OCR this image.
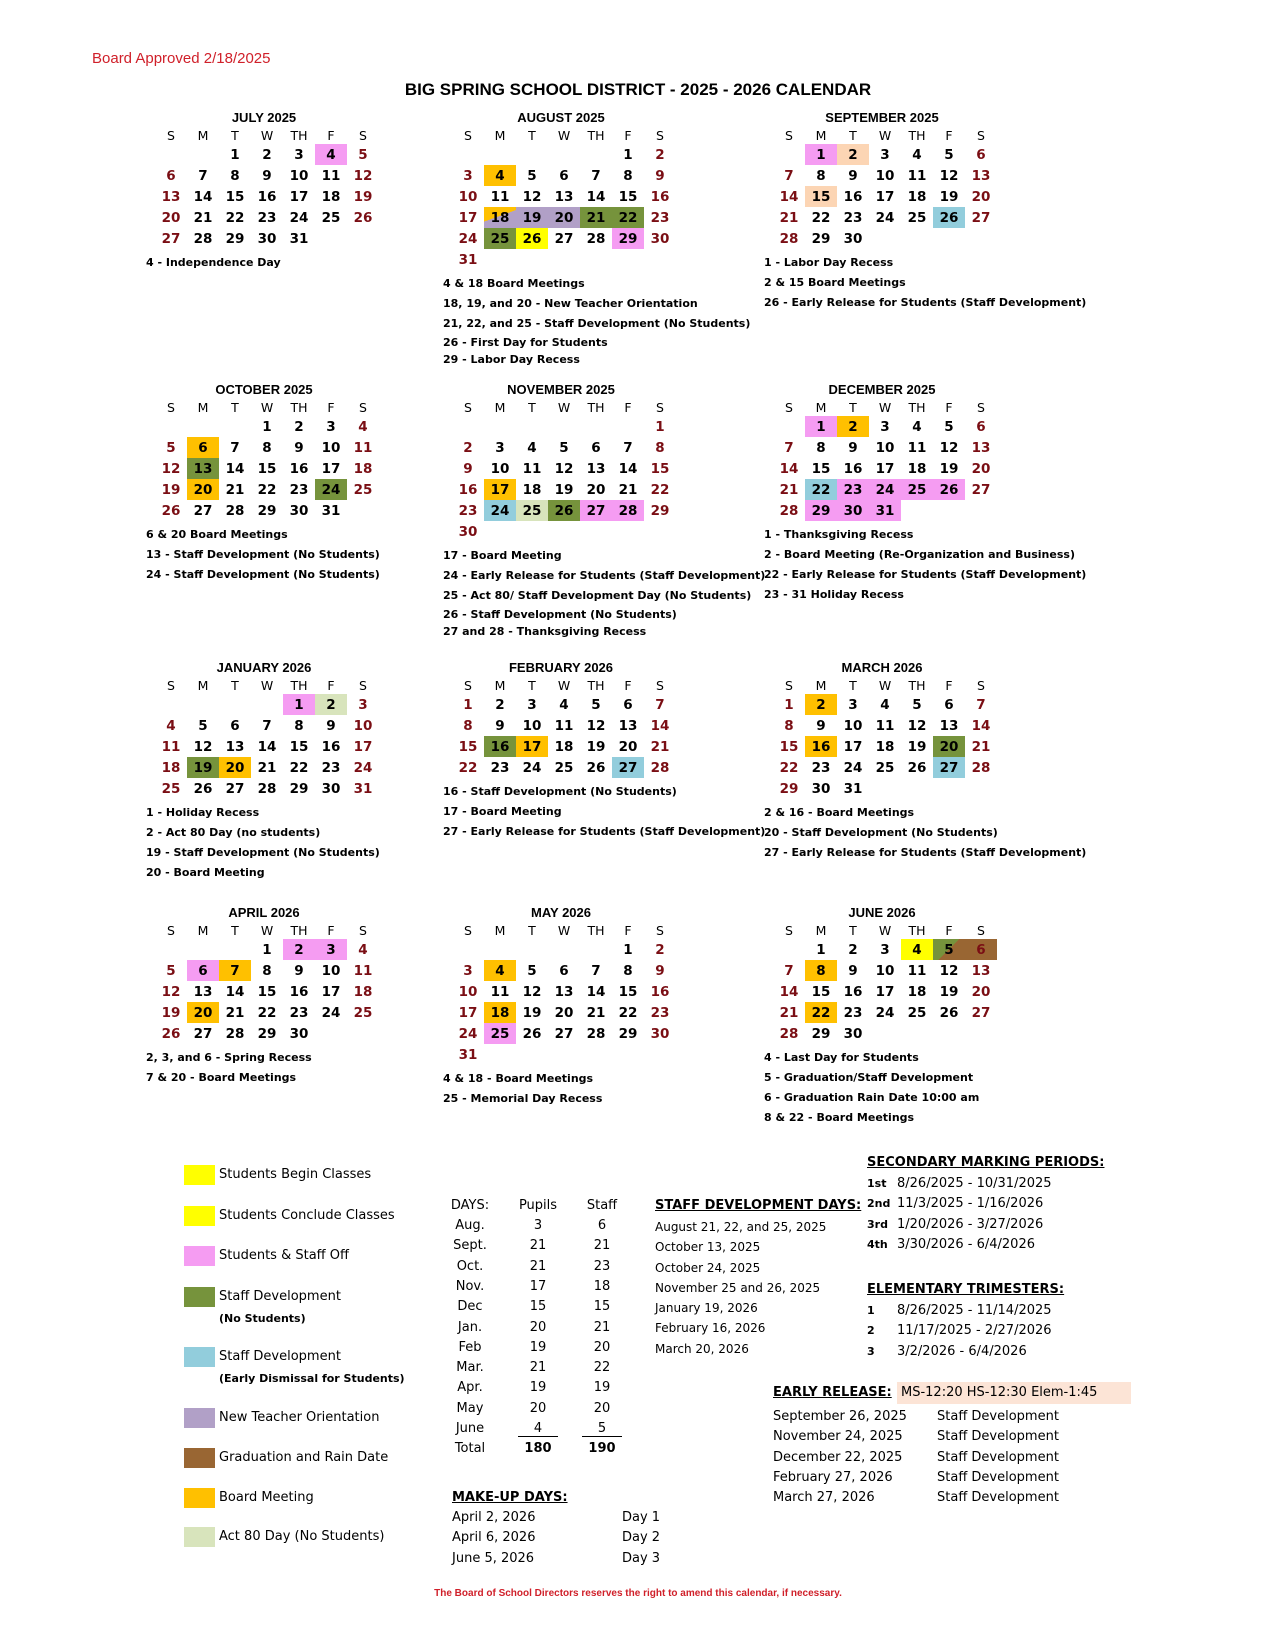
Board Approved 2/18/2025
BIG SPRING SCHOOL DISTRICT - 2025 - 2026 CALENDAR
JULY 2025
S	M	T	W	TH	F	S
		1	2	3	4	5
6	7	8	9	10	11	12
13	14	15	16	17	18	19
20	21	22	23	24	25	26
27	28	29	30	31		
4 - Independence Day
AUGUST 2025
S	M	T	W	TH	F	S
					1	2
3	4	5	6	7	8	9
10	11	12	13	14	15	16
17	18	19	20	21	22	23
24	25	26	27	28	29	30
31						
4 & 18 Board Meetings
18, 19, and 20 - New Teacher Orientation
21, 22, and 25 - Staff Development (No Students)
26 - First Day for Students
29 - Labor Day Recess
SEPTEMBER 2025
S	M	T	W	TH	F	S
	1	2	3	4	5	6
7	8	9	10	11	12	13
14	15	16	17	18	19	20
21	22	23	24	25	26	27
28	29	30				
1 - Labor Day Recess
2 & 15 Board Meetings
26 - Early Release for Students (Staff Development)
OCTOBER 2025
S	M	T	W	TH	F	S
			1	2	3	4
5	6	7	8	9	10	11
12	13	14	15	16	17	18
19	20	21	22	23	24	25
26	27	28	29	30	31	
6 & 20 Board Meetings
13 - Staff Development (No Students)
24 - Staff Development (No Students)
NOVEMBER 2025
S	M	T	W	TH	F	S
						1
2	3	4	5	6	7	8
9	10	11	12	13	14	15
16	17	18	19	20	21	22
23	24	25	26	27	28	29
30						
17 - Board Meeting
24 - Early Release for Students (Staff Development)
25 - Act 80/ Staff Development Day (No Students)
26 - Staff Development (No Students)
27 and 28 - Thanksgiving Recess
DECEMBER 2025
S	M	T	W	TH	F	S
	1	2	3	4	5	6
7	8	9	10	11	12	13
14	15	16	17	18	19	20
21	22	23	24	25	26	27
28	29	30	31			
1 - Thanksgiving Recess
2 - Board Meeting (Re-Organization and Business)
22 - Early Release for Students (Staff Development)
23 - 31 Holiday Recess
JANUARY 2026
S	M	T	W	TH	F	S
				1	2	3
4	5	6	7	8	9	10
11	12	13	14	15	16	17
18	19	20	21	22	23	24
25	26	27	28	29	30	31
1 - Holiday Recess
2 - Act 80 Day (no students)
19 - Staff Development (No Students)
20 - Board Meeting
FEBRUARY 2026
S	M	T	W	TH	F	S
1	2	3	4	5	6	7
8	9	10	11	12	13	14
15	16	17	18	19	20	21
22	23	24	25	26	27	28
16 - Staff Development (No Students)
17 - Board Meeting
27 - Early Release for Students (Staff Development)
MARCH 2026
S	M	T	W	TH	F	S
1	2	3	4	5	6	7
8	9	10	11	12	13	14
15	16	17	18	19	20	21
22	23	24	25	26	27	28
29	30	31				
2 & 16 - Board Meetings
20 - Staff Development (No Students)
27 - Early Release for Students (Staff Development)
APRIL 2026
S	M	T	W	TH	F	S
			1	2	3	4
5	6	7	8	9	10	11
12	13	14	15	16	17	18
19	20	21	22	23	24	25
26	27	28	29	30		
2, 3, and 6 - Spring Recess
7 & 20 - Board Meetings
MAY 2026
S	M	T	W	TH	F	S
					1	2
3	4	5	6	7	8	9
10	11	12	13	14	15	16
17	18	19	20	21	22	23
24	25	26	27	28	29	30
31						
4 & 18 - Board Meetings
25 - Memorial Day Recess
JUNE 2026
S	M	T	W	TH	F	S
	1	2	3	4	5	6
7	8	9	10	11	12	13
14	15	16	17	18	19	20
21	22	23	24	25	26	27
28	29	30				
4 - Last Day for Students
5 - Graduation/Staff Development
6 - Graduation Rain Date 10:00 am
8 & 22 - Board Meetings
Students Begin Classes
Students Conclude Classes
Students & Staff Off
Staff Development
(No Students)
Staff Development
(Early Dismissal for Students)
New Teacher Orientation
Graduation and Rain Date
Board Meeting
Act 80 Day (No Students)
DAYS:	Pupils	Staff
Aug.	3	6
Sept.	21	21
Oct.	21	23
Nov.	17	18
Dec	15	15
Jan.	20	21
Feb	19	20
Mar.	21	22
Apr.	19	19
May	20	20
June	4	5
Total	180	190
STAFF DEVELOPMENT DAYS:
August 21, 22, and 25, 2025
October 13, 2025
October 24, 2025
November 25 and 26, 2025
January 19, 2026
February 16, 2026
March 20, 2026
SECONDARY MARKING PERIODS:
1st 8/26/2025 - 10/31/2025
2nd 11/3/2025 - 1/16/2026
3rd 1/20/2026 - 3/27/2026
4th 3/30/2026 - 6/4/2026
ELEMENTARY TRIMESTERS:
1 8/26/2025 - 11/14/2025
2 11/17/2025 - 2/27/2026
3 3/2/2026 - 6/4/2026
EARLY RELEASE: MS-12:20 HS-12:30 Elem-1:45
September 26, 2025 Staff Development
November 24, 2025	Staff Development
December 22, 2025	Staff Development
February 27, 2026	Staff Development
March 27, 2026	Staff Development
MAKE-UP DAYS:
April 2, 2026	Day 1
April 6, 2026	Day 2
June 5, 2026	Day 3
The Board of School Directors reserves the right to amend this calendar, if necessary.
